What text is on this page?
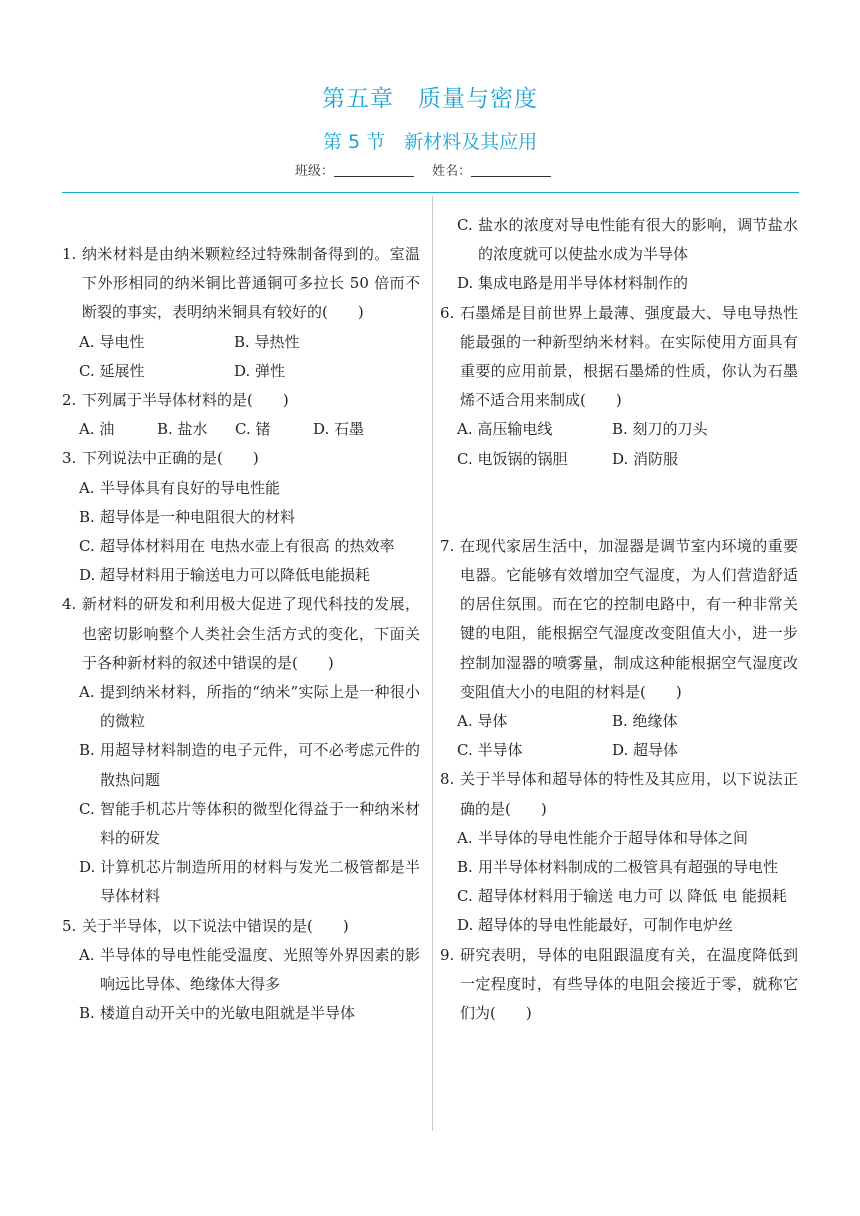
第五章　质量与密度
第 5 节　新材料及其应用
班级：	姓名：
1. 纳米材料是由纳米颗粒经过特殊制备得到的。室温下外形相同的纳米铜比普通铜可多拉长 50 倍而不断裂的事实，表明纳米铜具有较好的(　　)
A. 导电性	B. 导热性
C. 延展性	D. 弹性
2. 下列属于半导体材料的是(　　)
A. 油	B. 盐水	C. 锗	D. 石墨
3. 下列说法中正确的是(　　)
A. 半导体具有良好的导电性能
B. 超导体是一种电阻很大的材料
C. 超导体材料用在 电热水壶上有很高 的热效率
D. 超导材料用于输送电力可以降低电能损耗
4. 新材料的研发和利用极大促进了现代科技的发展，也密切影响整个人类社会生活方式的变化，下面关于各种新材料的叙述中错误的是(　　)
A. 提到纳米材料，所指的“纳米”实际上是一种很小的微粒
B. 用超导材料制造的电子元件，可不必考虑元件的散热问题
C. 智能手机芯片等体积的微型化得益于一种纳米材料的研发
D. 计算机芯片制造所用的材料与发光二极管都是半导体材料
5. 关于半导体，以下说法中错误的是(　　)
A. 半导体的导电性能受温度、光照等外界因素的影响远比导体、绝缘体大得多
B. 楼道自动开关中的光敏电阻就是半导体
C. 盐水的浓度对导电性能有很大的影响，调节盐水的浓度就可以使盐水成为半导体
D. 集成电路是用半导体材料制作的
6. 石墨烯是目前世界上最薄、强度最大、导电导热性能最强的一种新型纳米材料。在实际使用方面具有重要的应用前景，根据石墨烯的性质，你认为石墨烯不适合用来制成(　　)
A. 高压输电线	B. 刻刀的刀头
C. 电饭锅的锅胆	D. 消防服
7. 在现代家居生活中，加湿器是调节室内环境的重要电器。它能够有效增加空气湿度，为人们营造舒适的居住氛围。而在它的控制电路中，有一种非常关键的电阻，能根据空气湿度改变阻值大小，进一步控制加湿器的喷雾量，制成这种能根据空气湿度改变阻值大小的电阻的材料是(　　)
A. 导体	B. 绝缘体
C. 半导体	D. 超导体
8. 关于半导体和超导体的特性及其应用，以下说法正确的是(　　)
A. 半导体的导电性能介于超导体和导体之间
B. 用半导体材料制成的二极管具有超强的导电性
C. 超导体材料用于输送 电力可 以 降低 电 能损耗
D. 超导体的导电性能最好，可制作电炉丝
9. 研究表明，导体的电阻跟温度有关，在温度降低到一定程度时，有些导体的电阻会接近于零，就称它们为(　　)
